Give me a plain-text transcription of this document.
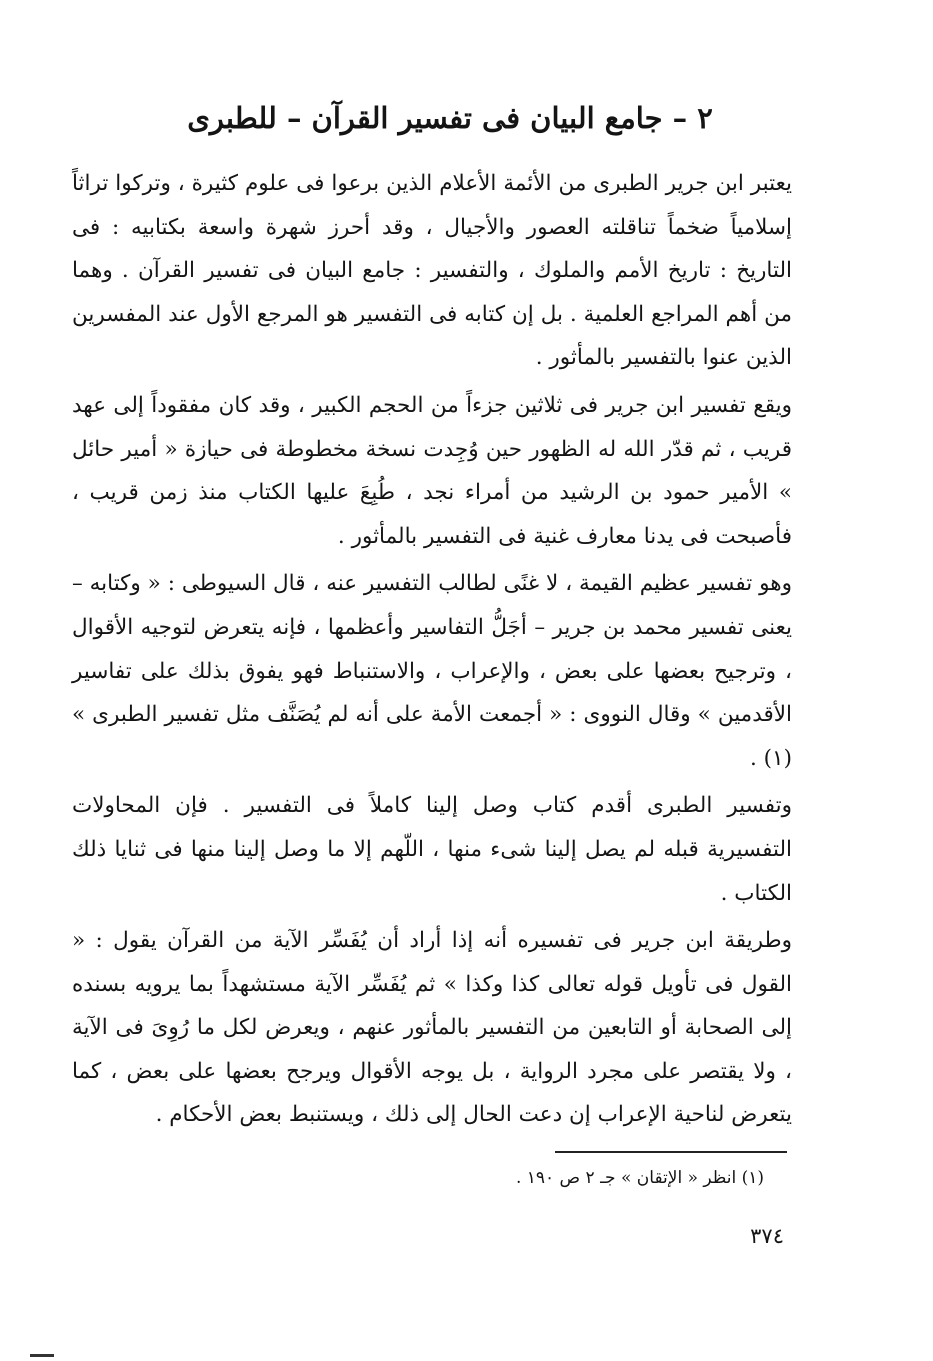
٢ – جامع البيان فى تفسير القرآن – للطبرى

يعتبر ابن جرير الطبرى من الأئمة الأعلام الذين برعوا فى علوم كثيرة ، وتركوا تراثاً إسلامياً ضخماً تناقلته العصور والأجيال ، وقد أحرز شهرة واسعة بكتابيه : فى التاريخ : تاريخ الأمم والملوك ، والتفسير : جامع البيان فى تفسير القرآن . وهما من أهم المراجع العلمية . بل إن كتابه فى التفسير هو المرجع الأول عند المفسرين الذين عنوا بالتفسير بالمأثور .

ويقع تفسير ابن جرير فى ثلاثين جزءاً من الحجم الكبير ، وقد كان مفقوداً إلى عهد قريب ، ثم قدّر الله له الظهور حين وُجِدت نسخة مخطوطة فى حيازة « أمير حائل » الأمير حمود بن الرشيد من أمراء نجد ، طُبِعَ عليها الكتاب منذ زمن قريب ، فأصبحت فى يدنا معارف غنية فى التفسير بالمأثور .

وهو تفسير عظيم القيمة ، لا غنًى لطالب التفسير عنه ، قال السيوطى : « وكتابه – يعنى تفسير محمد بن جرير – أجَلُّ التفاسير وأعظمها ، فإنه يتعرض لتوجيه الأقوال ، وترجيح بعضها على بعض ، والإعراب ، والاستنباط فهو يفوق بذلك على تفاسير الأقدمين » وقال النووى : « أجمعت الأمة على أنه لم يُصَنَّف مثل تفسير الطبرى » (١) .

وتفسير الطبرى أقدم كتاب وصل إلينا كاملاً فى التفسير . فإن المحاولات التفسيرية قبله لم يصل إلينا شىء منها ، اللّهم إلا ما وصل إلينا منها فى ثنايا ذلك الكتاب .

وطريقة ابن جرير فى تفسيره أنه إذا أراد أن يُفَسِّر الآية من القرآن يقول : « القول فى تأويل قوله تعالى كذا وكذا » ثم يُفَسِّر الآية مستشهداً بما يرويه بسنده إلى الصحابة أو التابعين من التفسير بالمأثور عنهم ، ويعرض لكل ما رُوِىَ فى الآية ، ولا يقتصر على مجرد الرواية ، بل يوجه الأقوال ويرجح بعضها على بعض ، كما يتعرض لناحية الإعراب إن دعت الحال إلى ذلك ، ويستنبط بعض الأحكام .

(١) انظر « الإتقان » جـ ٢ ص ١٩٠ .
٣٧٤
